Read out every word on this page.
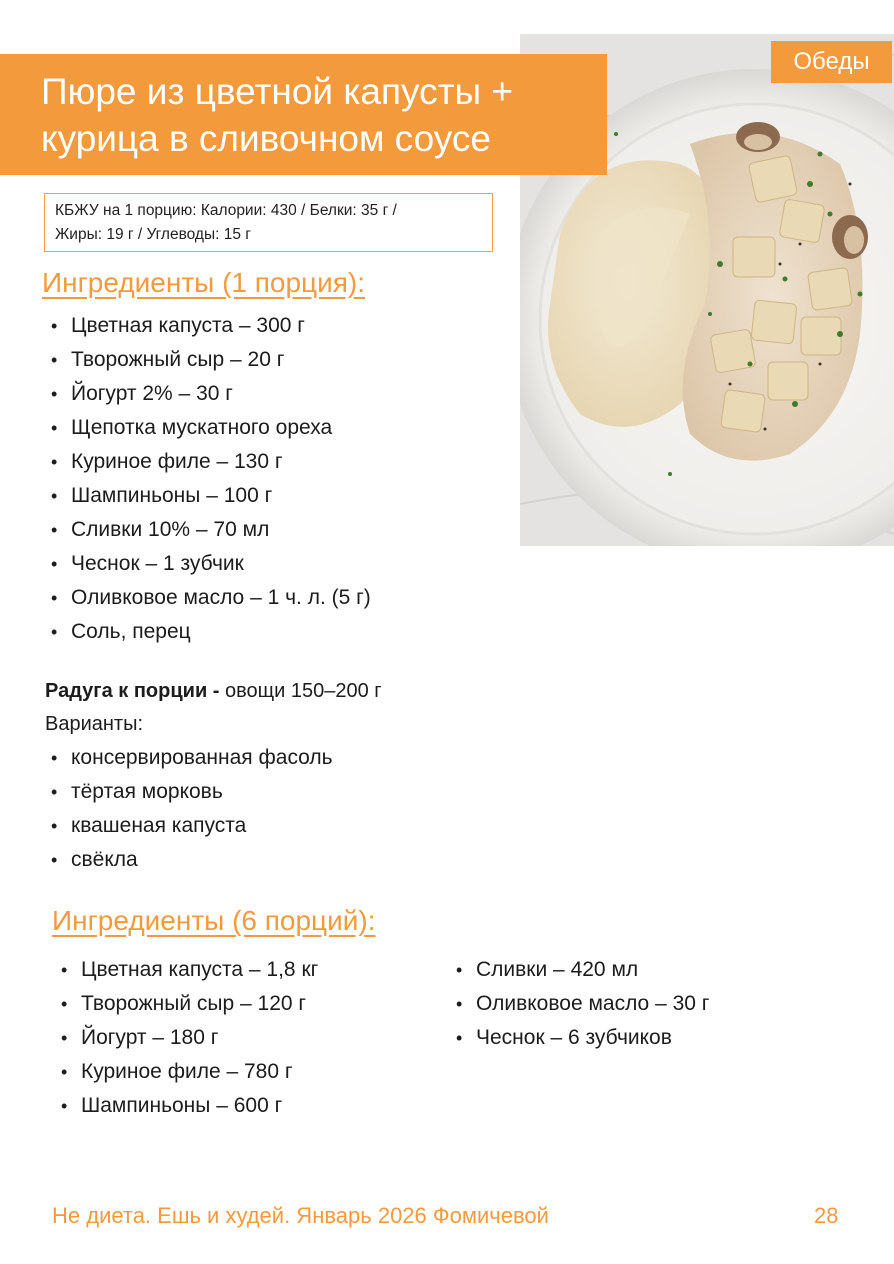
Обеды
Пюре из цветной капусты +
курица в сливочном соусе
КБЖУ на 1 порцию: Калории: 430 / Белки: 35 г /
Жиры: 19 г / Углеводы: 15 г
Ингредиенты (1 порция):
• Цветная капуста – 300 г
• Творожный сыр – 20 г
• Йогурт 2% – 30 г
• Щепотка мускатного ореха
• Куриное филе – 130 г
• Шампиньоны – 100 г
• Сливки 10% – 70 мл
• Чеснок – 1 зубчик
• Оливковое масло – 1 ч. л. (5 г)
• Соль, перец
Радуга к порции - овощи 150–200 г
Варианты:
• консервированная фасоль
• тёртая морковь
• квашеная капуста
• свёкла
Ингредиенты (6 порций):
• Цветная капуста – 1,8 кг
• Творожный сыр – 120 г
• Йогурт – 180 г
• Куриное филе – 780 г
• Шампиньоны – 600 г
• Сливки – 420 мл
• Оливковое масло – 30 г
• Чеснок – 6 зубчиков
Не диета. Ешь и худей. Январь 2026 Фомичевой	28
